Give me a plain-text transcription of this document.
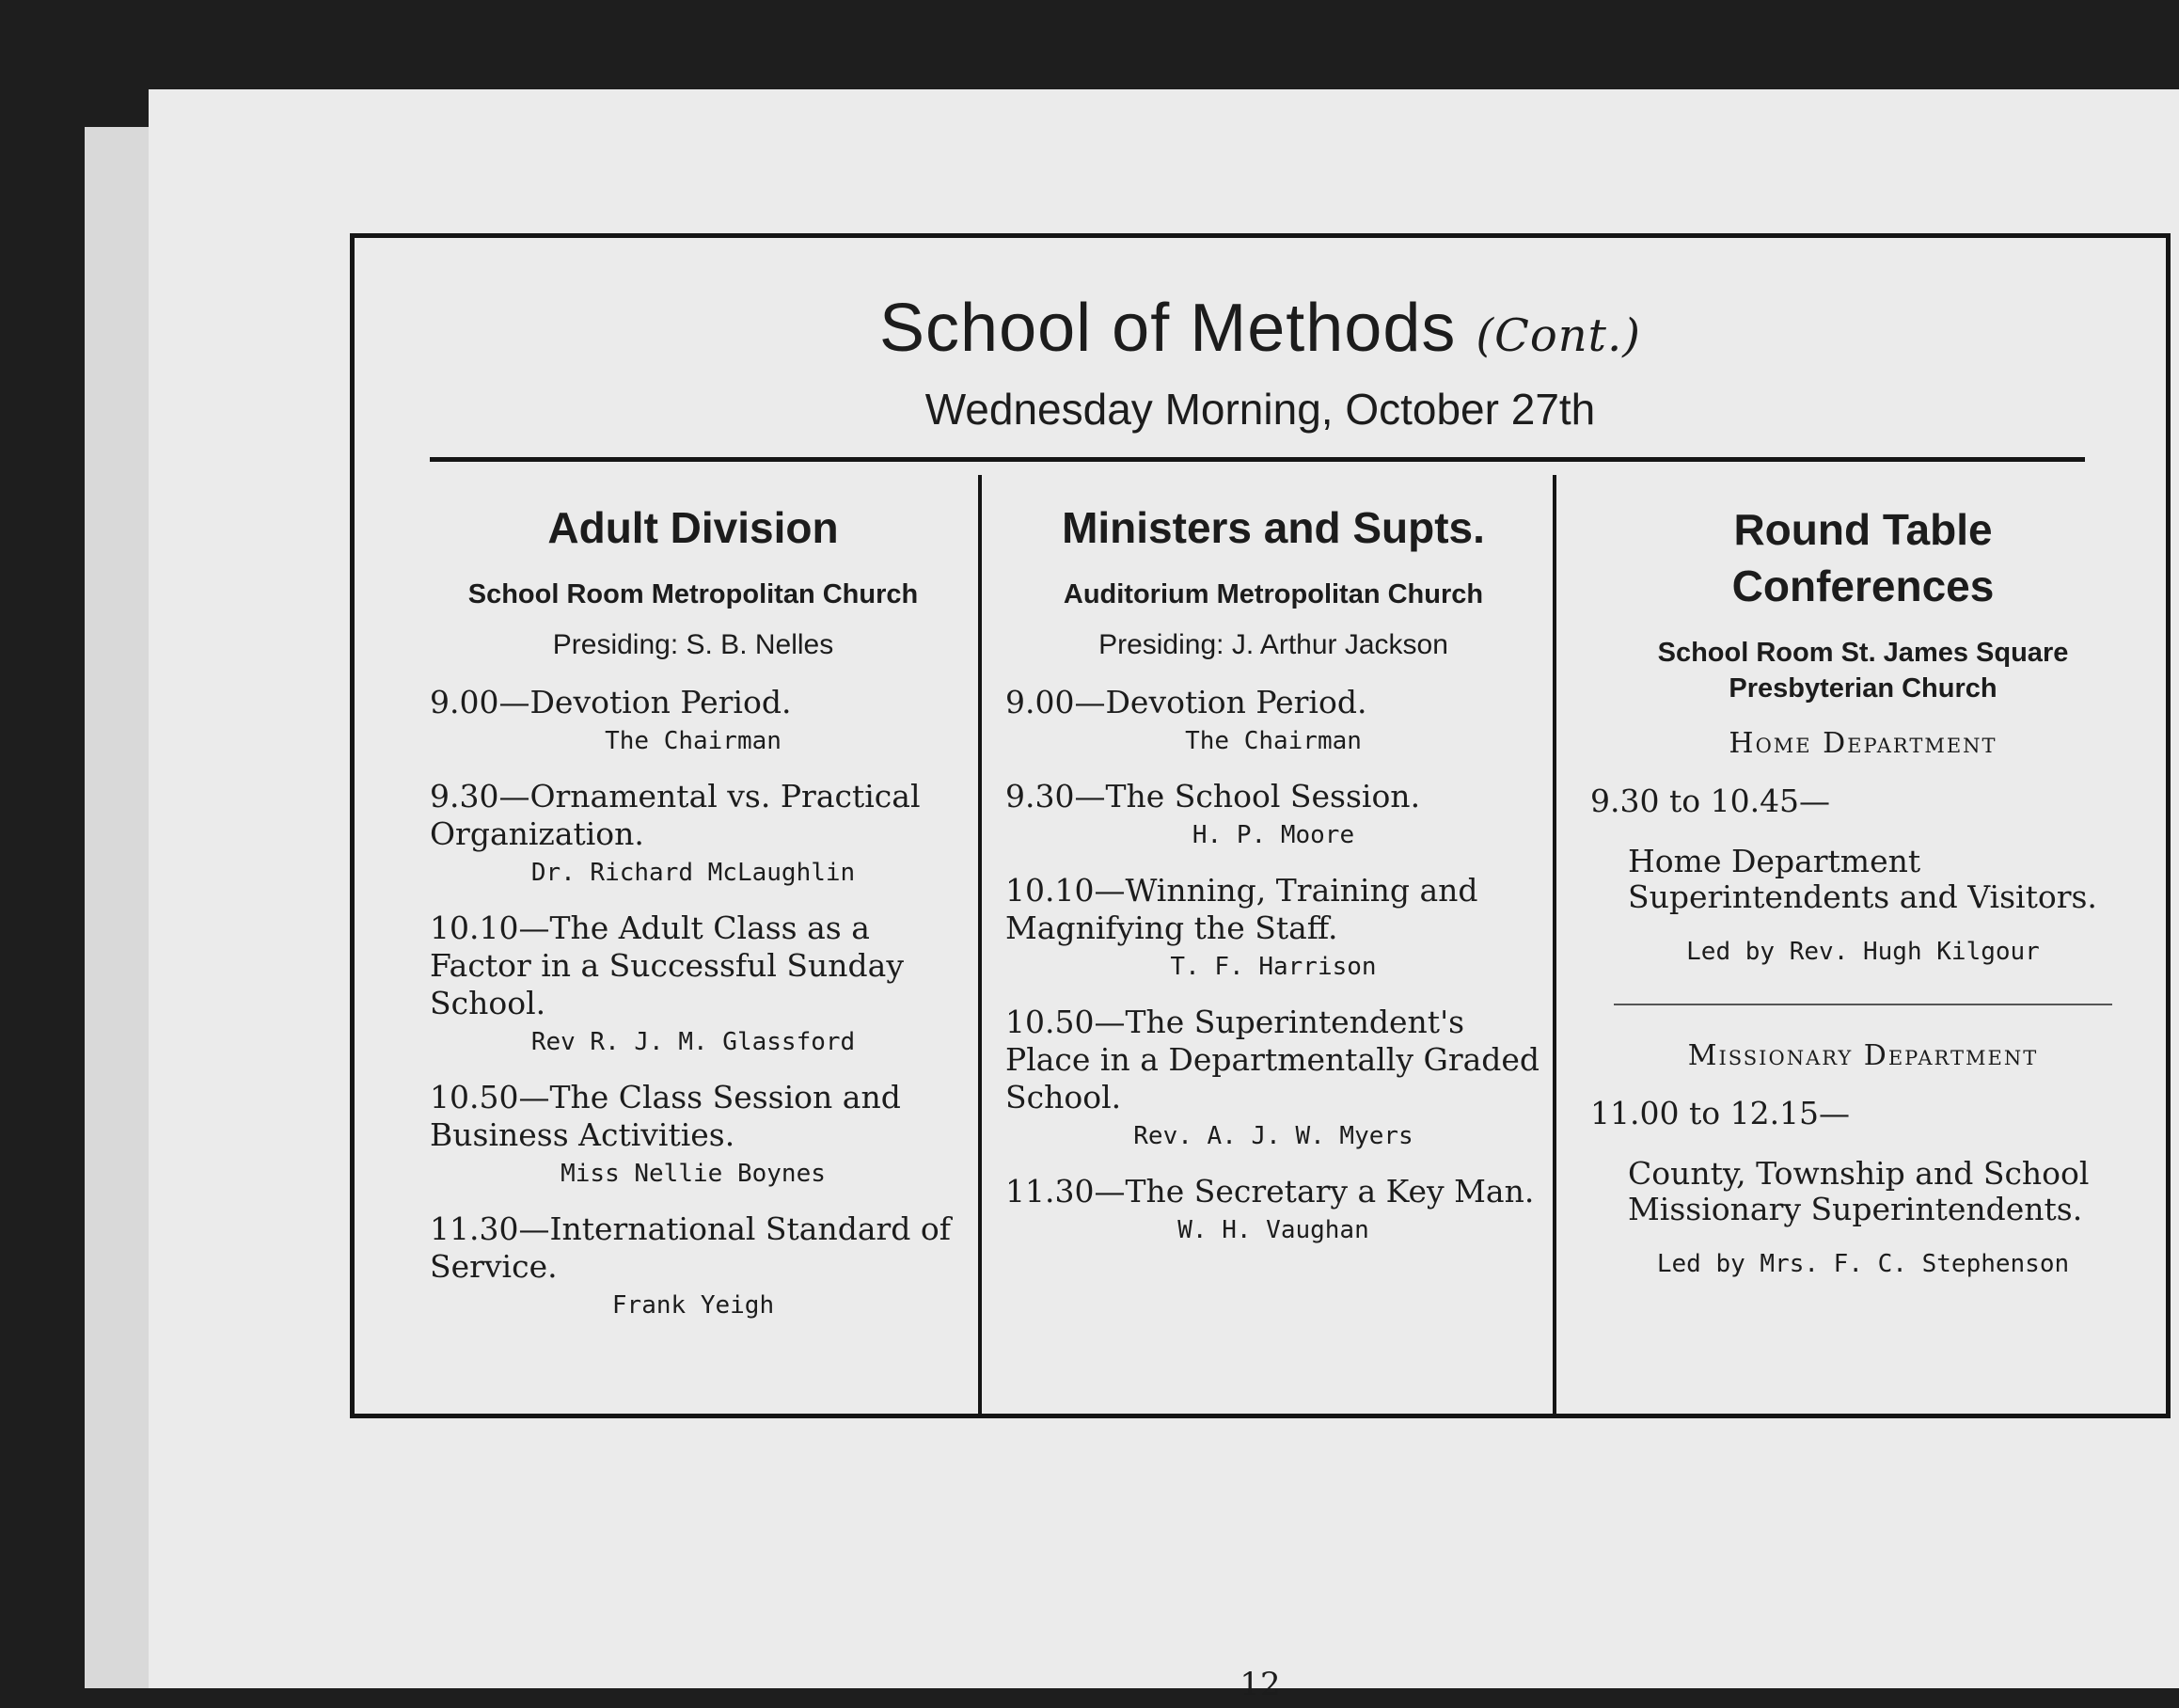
School of Methods (Cont.)
Wednesday Morning, October 27th
Adult Division
School Room Metropolitan Church
Presiding: S. B. Nelles
9.00—Devotion Period.
The Chairman
9.30—Ornamental vs. Practical Organization.
Dr. Richard McLaughlin
10.10—The Adult Class as a Factor in a Successful Sunday School.
Rev R. J. M. Glassford
10.50—The Class Session and Business Activities.
Miss Nellie Boynes
11.30—International Standard of Service.
Frank Yeigh
Ministers and Supts.
Auditorium Metropolitan Church
Presiding: J. Arthur Jackson
9.00—Devotion Period.
The Chairman
9.30—The School Session.
H. P. Moore
10.10—Winning, Training and Magnifying the Staff.
T. F. Harrison
10.50—The Superintendent's Place in a Departmentally Graded School.
Rev. A. J. W. Myers
11.30—The Secretary a Key Man.
W. H. Vaughan
Round Table
Conferences
School Room St. James Square
Presbyterian Church
Home Department
9.30 to 10.45—
Home Department Superintendents and Visitors.
Led by Rev. Hugh Kilgour
Missionary Department
11.00 to 12.15—
County, Township and School Missionary Superintendents.
Led by Mrs. F. C. Stephenson
12
